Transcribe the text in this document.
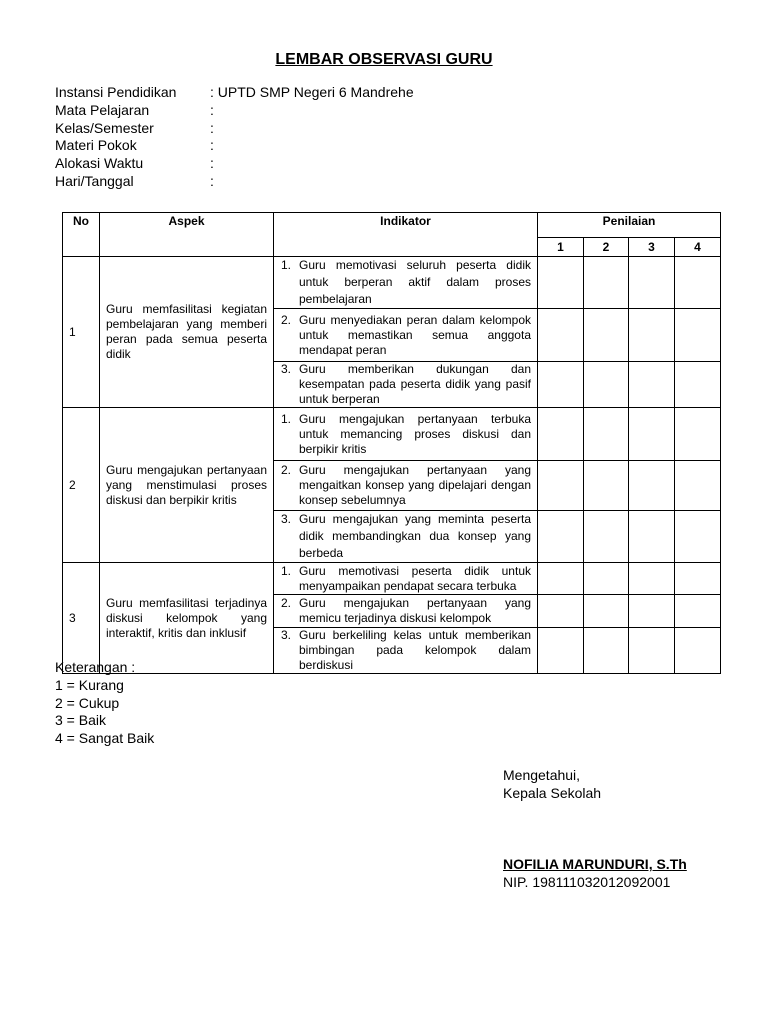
LEMBAR OBSERVASI GURU
Instansi Pendidikan : UPTD SMP Negeri 6 Mandrehe
Mata Pelajaran	:
Kelas/Semester	:
Materi Pokok	:
Alokasi Waktu	:
Hari/Tanggal	:
No	Aspek	Indikator	Penilaian			
			1	2	3	4
1	Guru memfasilitasi kegiatan pembelajaran yang memberi peran pada semua peserta didik	1. Guru memotivasi seluruh peserta didik untuk berperan aktif dalam proses pembelajaran				

		2. Guru menyediakan peran dalam kelompok untuk memastikan semua anggota mendapat peran				

		3. Guru memberikan dukungan dan kesempatan pada peserta didik yang pasif untuk berperan				

2	Guru mengajukan pertanyaan yang menstimulasi proses diskusi dan berpikir kritis	1. Guru mengajukan pertanyaan terbuka untuk memancing proses diskusi dan berpikir kritis				

		2. Guru mengajukan pertanyaan yang mengaitkan konsep yang dipelajari dengan konsep sebelumnya				

		3. Guru mengajukan yang meminta peserta didik membandingkan dua konsep yang berbeda				

3	Guru memfasilitasi terjadinya diskusi kelompok yang interaktif, kritis dan inklusif	1. Guru memotivasi peserta didik untuk menyampaikan pendapat secara terbuka				

		2. Guru mengajukan pertanyaan yang memicu terjadinya diskusi kelompok				

		3. Guru berkeliling kelas untuk memberikan bimbingan pada kelompok dalam berdiskusi				

Keterangan :
1 = Kurang
2 = Cukup
3 = Baik
4 = Sangat Baik
Mengetahui,
Kepala Sekolah
NOFILIA MARUNDURI, S.Th
NIP. 198111032012092001
